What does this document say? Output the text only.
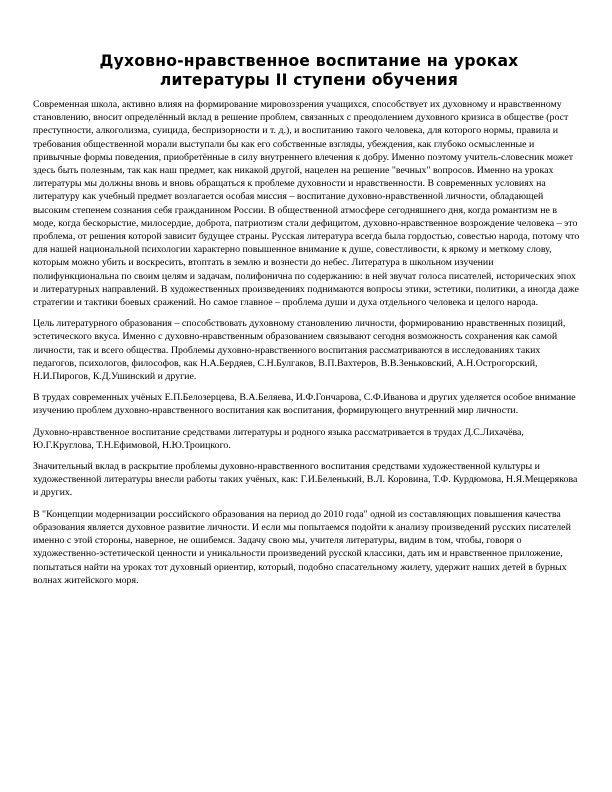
Духовно-нравственное воспитание на уроках литературы II ступени обучения

Современная школа, активно влияя на формирование мировоззрения учащихся, способствует их духовному и нравственному становлению, вносит определённый вклад в решение проблем, связанных с преодолением духовного кризиса в обществе (рост преступности, алкоголизма, суицида, беспризорности и т. д.), и воспитанию такого человека, для которого нормы, правила и требования общественной морали выступали бы как его собственные взгляды, убеждения, как глубоко осмысленные и привычные формы поведения, приобретённые в силу внутреннего влечения к добру. Именно поэтому учитель-словесник может здесь быть полезным, так как наш предмет, как никакой другой, нацелен на решение "вечных" вопросов. Именно на уроках литературы мы должны вновь и вновь обращаться к проблеме духовности и нравственности. В современных условиях на литературу как учебный предмет возлагается особая миссия – воспитание духовно-нравственной личности, обладающей высоким степенем сознания себя гражданином России. В общественной атмосфере сегодняшнего дня, когда романтизм не в моде, когда бескорыстие, милосердие, доброта, патриотизм стали дефицитом, духовно-нравственное возрождение человека – это проблема, от решения которой зависит будущее страны. Русская литература всегда была гордостью, совестью народа, потому что для нашей национальной психологии характерно повышенное внимание к душе, совестливости, к яркому и меткому слову, которым можно убить и воскресить, втоптать в землю и вознести до небес. Литература в школьном изучении полифункциональна по своим целям и задачам, полифонична по содержанию: в ней звучат голоса писателей, исторических эпох и литературных направлений. В художественных произведениях поднимаются вопросы этики, эстетики, политики, а иногда даже стратегии и тактики боевых сражений. Но самое главное – проблема души и духа отдельного человека и целого народа.

Цель литературного образования – способствовать духовному становлению личности, формированию нравственных позиций, эстетического вкуса. Именно с духовно-нравственным образованием связывают сегодня возможность сохранения как самой личности, так и всего общества. Проблемы духовно-нравственного воспитания рассматриваются в исследованиях таких педагогов, психологов, философов, как Н.А.Бердяев, С.Н.Булгаков, В.П.Вахтеров, В.В.Зеньковский, А.Н.Острогорский, Н.И.Пирогов, К.Д.Ушинский и другие.

В трудах современных учёных Е.П.Белозерцева, В.А.Беляева, И.Ф.Гончарова, С.Ф.Иванова и других уделяется особое внимание изучению проблем духовно-нравственного воспитания как воспитания, формирующего внутренний мир личности.

Духовно-нравственное воспитание средствами литературы и родного языка рассматривается в трудах Д.С.Лихачёва, Ю.Г.Круглова, Т.Н.Ефимовой, Н.Ю.Троицкого.

Значительный вклад в раскрытие проблемы духовно-нравственного воспитания средствами художественной культуры и художественной литературы внесли работы таких учёных, как: Г.И.Беленький, В.Л. Коровина, Т.Ф. Курдюмова, Н.Я.Мещерякова и других.

В "Концепции модернизации российского образования на период до 2010 года" одной из составляющих повышения качества образования является духовное развитие личности. И если мы попытаемся подойти к анализу произведений русских писателей именно с этой стороны, наверное, не ошибемся. Задачу свою мы, учителя литературы, видим в том, чтобы, говоря о художественно-эстетической ценности и уникальности произведений русской классики, дать им и нравственное приложение, попытаться найти на уроках тот духовный ориентир, который, подобно спасательному жилету, удержит наших детей в бурных волнах житейского моря.
